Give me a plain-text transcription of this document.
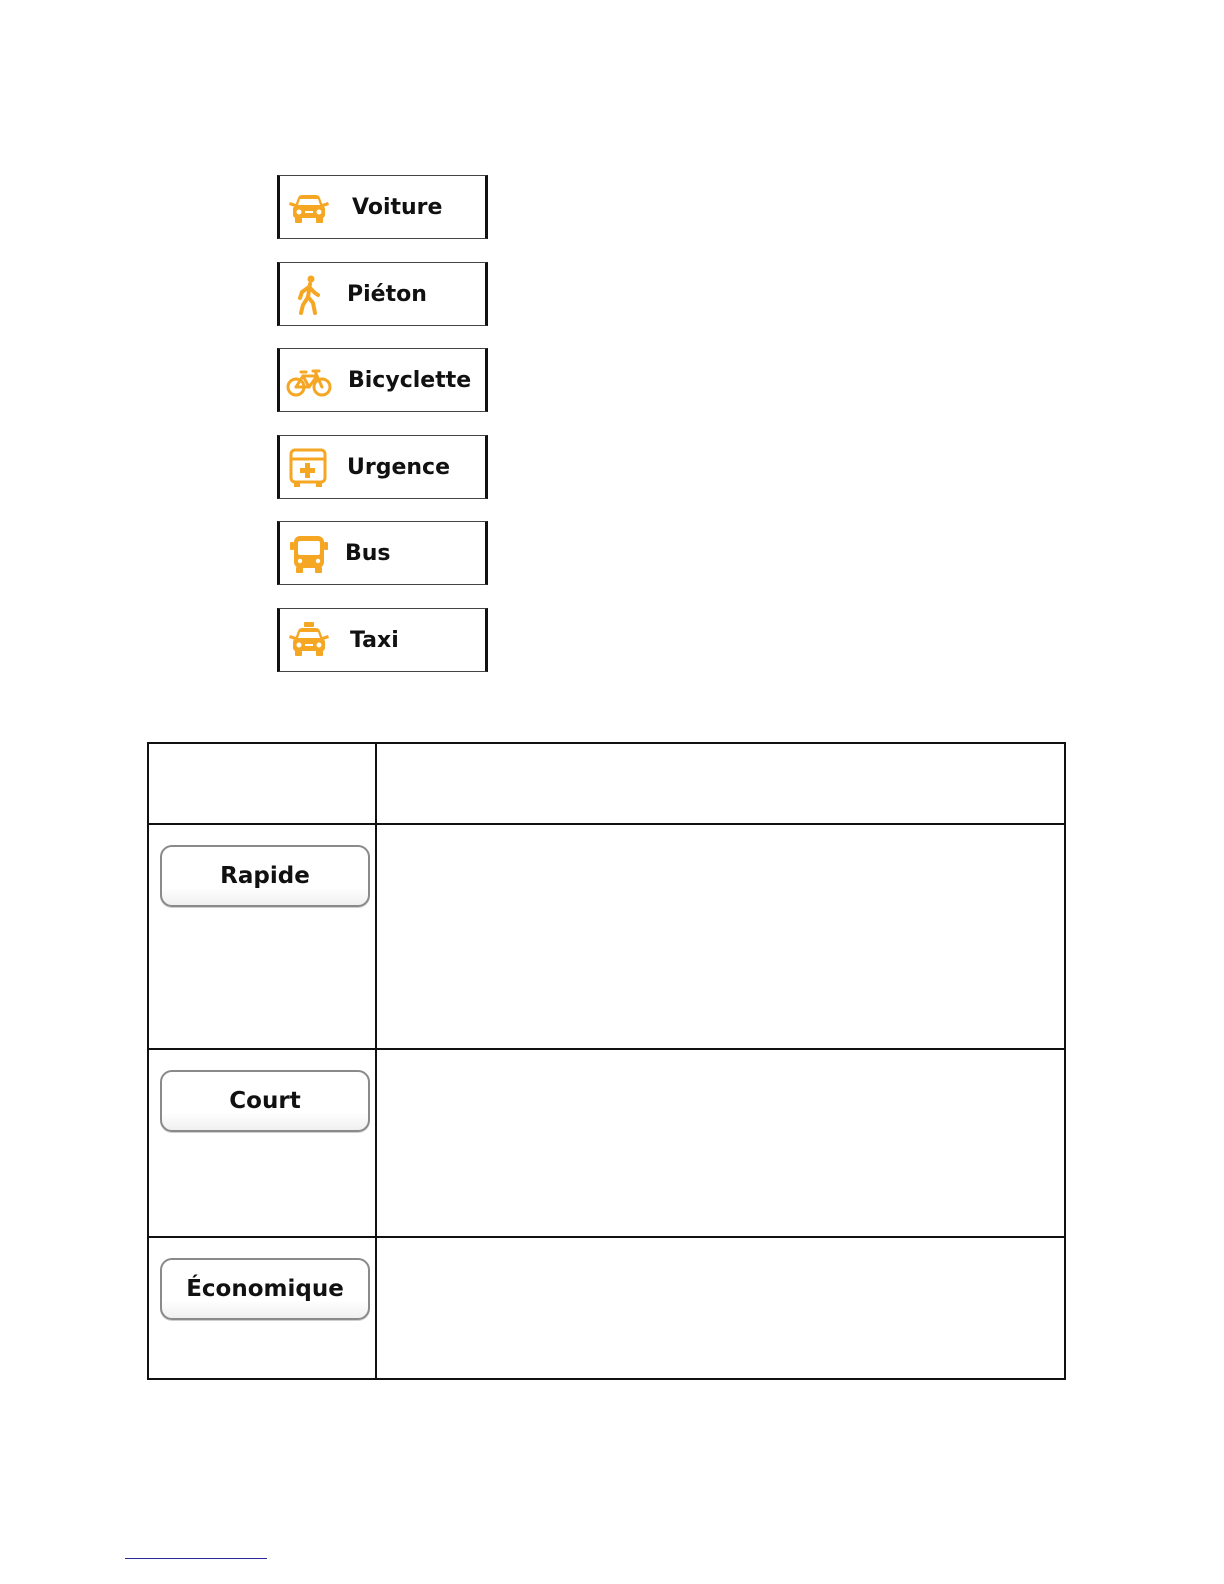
Voiture
Piéton
Bicyclette
Urgence
Bus
Taxi

Rapide	

Court	

Économique	
